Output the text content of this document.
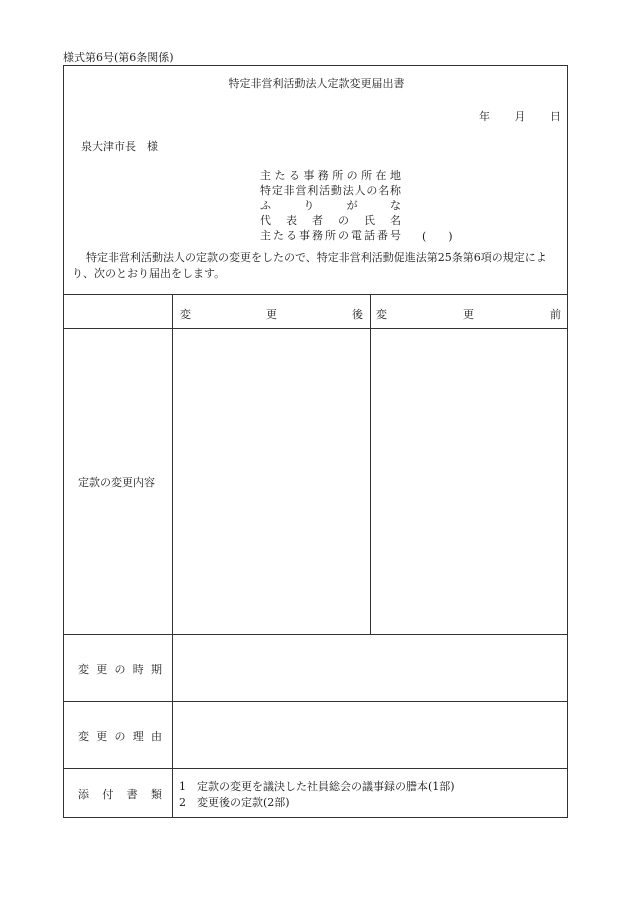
様式第6号(第6条関係)
特定非営利活動法人定款変更届出書
年 月 日
泉大津市長　様
主 た る 事 務 所 の 所 在 地
特 定 非 営 利 活 動 法 人 の 名 称
ふ	り	が	な
代 表 者 の 氏 名
主 た る 事 務 所 の 電 話 番 号 (　　)
特定非営利活動法人の定款の変更をしたので、特定非営利活動促進法第25条第6項の規定により、次のとおり届出をします。
変	更	後 変	更	前
定款の変更内容
変 更 の 時 期
変 更 の 理 由
添 付 書 類
1　定款の変更を議決した社員総会の議事録の謄本(1部)
2　変更後の定款(2部)
